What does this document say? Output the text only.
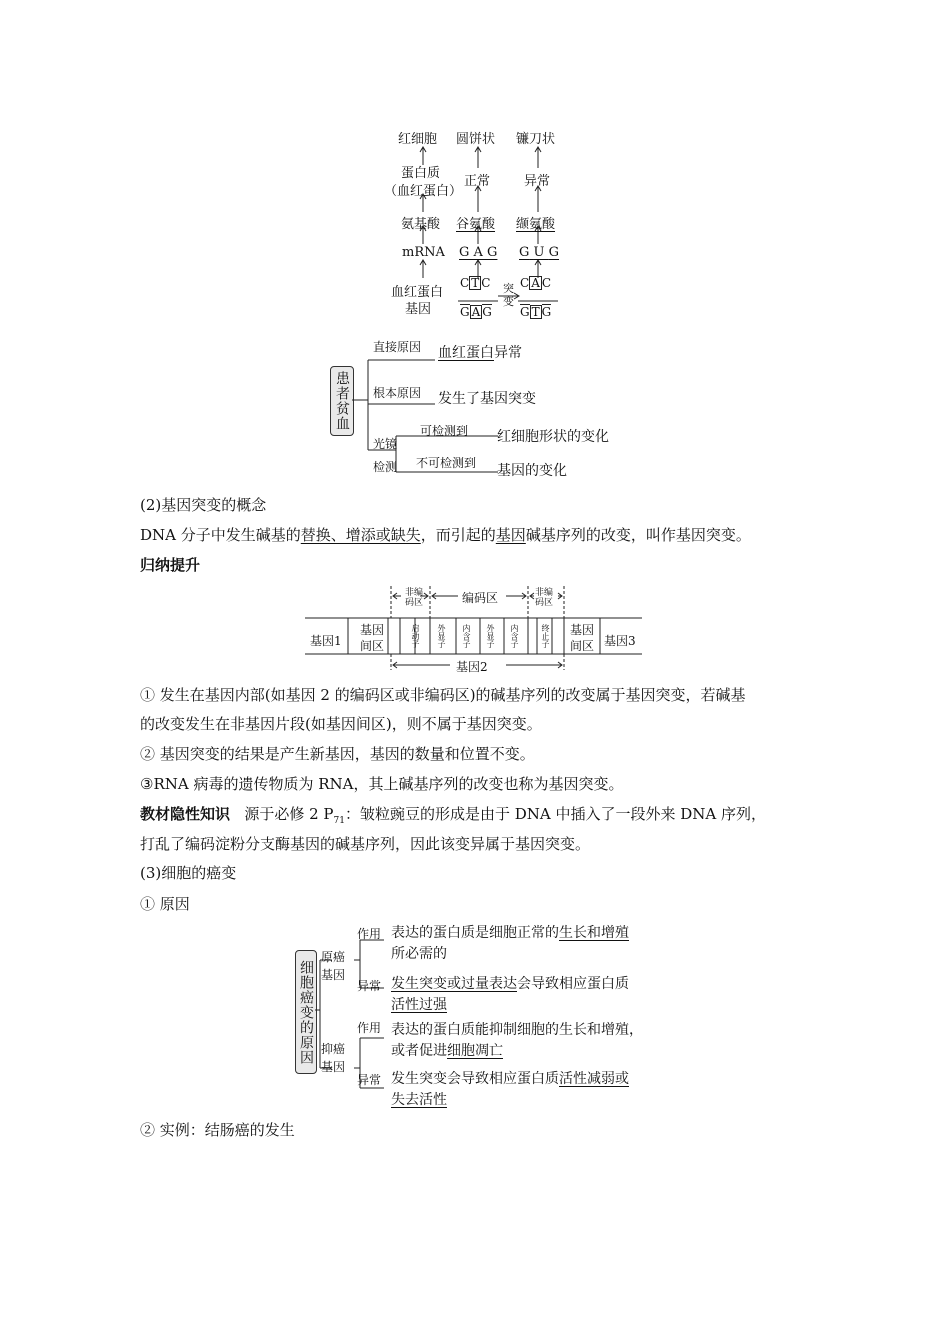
红细胞 圆饼状 镰刀状
蛋白质
（血红蛋白）
正常	异常
氨基酸 谷氨酸 缬氨酸
mRNA G A G G U G
血红蛋白
基因
C T C
G A G
C A C
G T G
突变
患者贫血
直接原因 血红蛋白异常
根本原因 发生了基因突变
光镜
检测
可检测到 红细胞形状的变化
不可检测到 基因的变化
(2)基因突变的概念
DNA 分子中发生碱基的替换、增添或缺失，而引起的基因碱基序列的改变，叫作基因突变。
归纳提升
非编码区	编码区	非编码区
基因1
基因间区	启动子 外显子 内含子 外显子 内含子	终止子 基因间区 基因3
基因2
① 发生在基因内部(如基因 2 的编码区或非编码区)的碱基序列的改变属于基因突变，若碱基
的改变发生在非基因片段(如基因间区)，则不属于基因突变。
② 基因突变的结果是产生新基因，基因的数量和位置不变。
③RNA 病毒的遗传物质为 RNA，其上碱基序列的改变也称为基因突变。
教材隐性知识 源于必修 2 $P_{71}$：皱粒豌豆的形成是由于 DNA 中插入了一段外来 DNA 序列，
打乱了编码淀粉分支酶基因的碱基序列，因此该变异属于基因突变。
(3)细胞的癌变
① 原因
细胞癌变的原因
原癌
基因
抑癌
基因
作用
异常
作用
异常
表达的蛋白质是细胞正常的生长和增殖
所必需的
发生突变或过量表达会导致相应蛋白质
活性过强
表达的蛋白质能抑制细胞的生长和增殖，
或者促进细胞凋亡
发生突变会导致相应蛋白质活性减弱或
失去活性
② 实例：结肠癌的发生
